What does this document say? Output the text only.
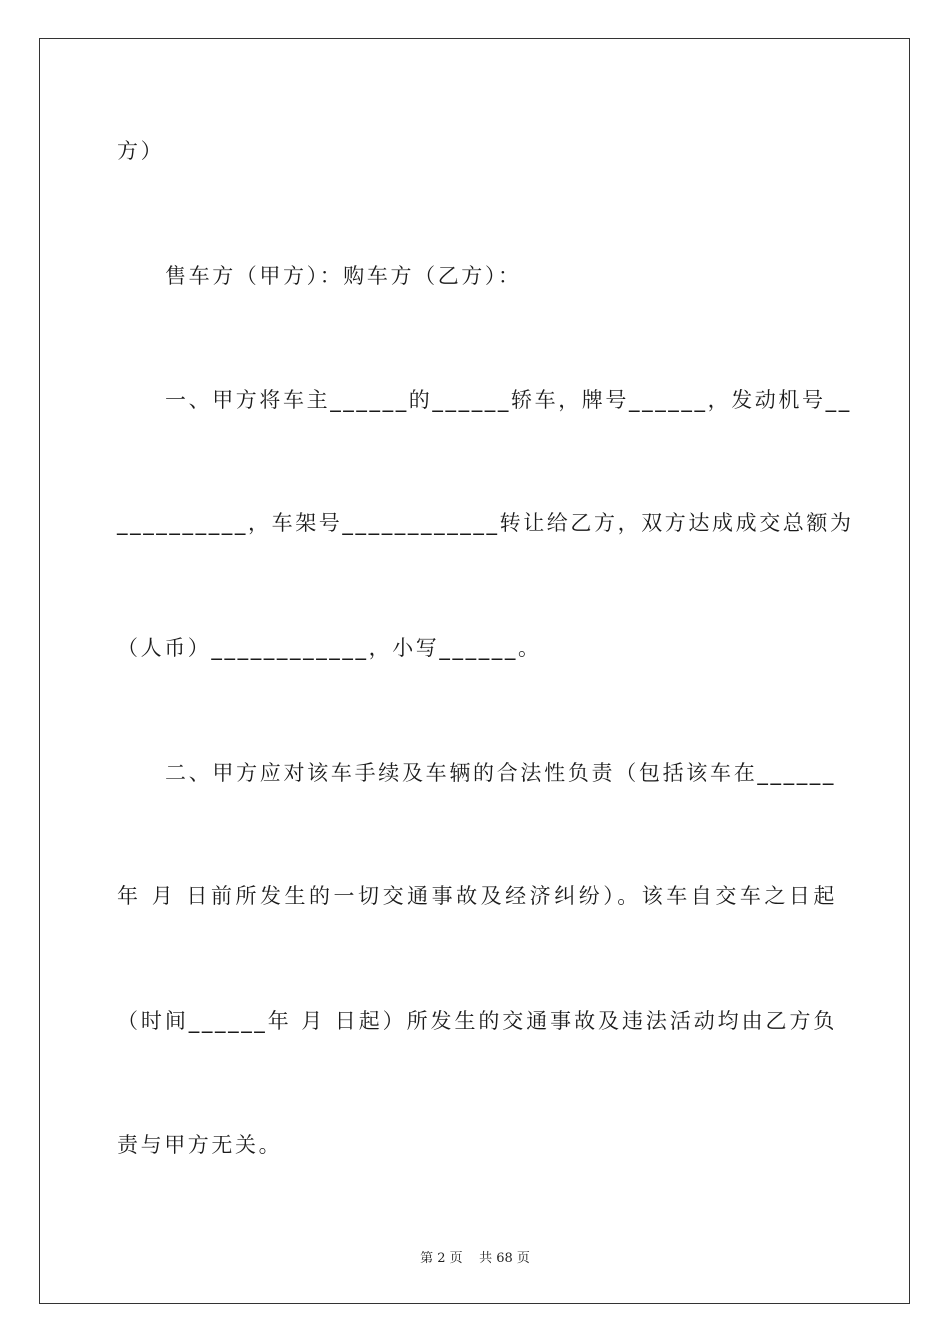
方）
售车方（甲方）：购车方（乙方）：
一、甲方将车主______的______轿车，牌号______，发动机号__
__________，车架号____________转让给乙方，双方达成成交总额为
（人币）____________，小写______。
二、甲方应对该车手续及车辆的合法性负责（包括该车在______
年 月 日前所发生的一切交通事故及经济纠纷）。该车自交车之日起
（时间______年 月 日起）所发生的交通事故及违法活动均由乙方负
责与甲方无关。
第 2 页    共 68 页
